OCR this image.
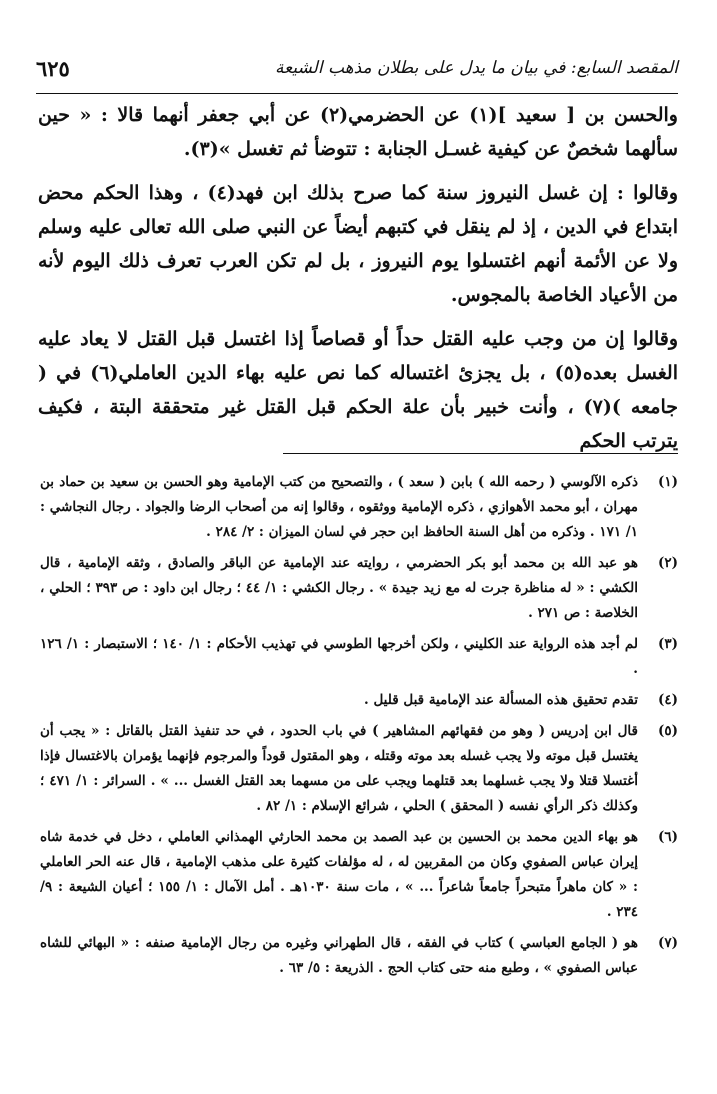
المقصد السابع: في بيان ما يدل على بطلان مذهب الشيعة
٦٢٥

والحسن بن [ سعيد ](١) عن الحضرمي(٢) عن أبي جعفر أنهما قالا : « حين سألهما شخصٌ عن كيفية غسـل الجنابة : تتوضأ ثم تغسل »(٣).

وقالوا : إن غسل النيروز سنة كما صرح بذلك ابن فهد(٤) ، وهذا الحكم محض ابتداع في الدين ، إذ لم ينقل في كتبهم أيضاً عن النبي صلى الله تعالى عليه وسلم ولا عن الأئمة أنهم اغتسلوا يوم النيروز ، بل لم تكن العرب تعرف ذلك اليوم لأنه من الأعياد الخاصة بالمجوس.

وقالوا إن من وجب عليه القتل حداً أو قصاصاً إذا اغتسل قبل القتل لا يعاد عليه الغسل بعده(٥) ، بل يجزئ اغتساله كما نص عليه بهاء الدين العاملي(٦) في ( جامعه )(٧) ، وأنت خبير بأن علة الحكم قبل القتل غير متحققة البتة ، فكيف يترتب الحكم

(١)
ذكره الآلوسي ( رحمه الله ) بابن ( سعد ) ، والتصحيح من كتب الإمامية وهو الحسن بن سعيد بن حماد بن مهران ، أبو محمد الأهوازي ، ذكره الإمامية ووثقوه ، وقالوا إنه من أصحاب الرضا والجواد . رجال النجاشي : ١/ ١٧١ . وذكره من أهل السنة الحافظ ابن حجر في لسان الميزان : ٢/ ٢٨٤ .
(٢)
هو عبد الله بن محمد أبو بكر الحضرمي ، روايته عند الإمامية عن الباقر والصادق ، وثقه الإمامية ، قال الكشي : « له مناظرة جرت له مع زيد جيدة » . رجال الكشي : ١/ ٤٤ ؛ رجال ابن داود : ص ٣٩٣ ؛ الحلي ، الخلاصة : ص ٢٧١ .
(٣)
لم أجد هذه الرواية عند الكليني ، ولكن أخرجها الطوسي في تهذيب الأحكام : ١/ ١٤٠ ؛ الاستبصار : ١/ ١٢٦ .
(٤)
تقدم تحقيق هذه المسألة عند الإمامية قبل قليل .
(٥)
قال ابن إدريس ( وهو من فقهائهم المشاهير ) في باب الحدود ، في حد تنفيذ القتل بالقاتل : « يجب أن يغتسل قبل موته ولا يجب غسله بعد موته وقتله ، وهو المقتول قوداً والمرجوم فإنهما يؤمران بالاغتسال فإذا أغتسلا قتلا ولا يجب غسلهما بعد قتلهما ويجب على من مسهما بعد القتل الغسل ... » . السرائر : ١/ ٤٧١ ؛ وكذلك ذكر الرأي نفسه ( المحقق ) الحلي ، شرائع الإسلام : ١/ ٨٢ .
(٦)
هو بهاء الدين محمد بن الحسين بن عبد الصمد بن محمد الحارثي الهمذاني العاملي ، دخل في خدمة شاه إيران عباس الصفوي وكان من المقربين له ، له مؤلفات كثيرة على مذهب الإمامية ، قال عنه الحر العاملي : « كان ماهراً متبحراً جامعاً شاعراً ... » ، مات سنة ١٠٣٠هـ . أمل الآمال : ١/ ١٥٥ ؛ أعيان الشيعة : ٩/ ٢٣٤ .
(٧)
هو ( الجامع العباسي ) كتاب في الفقه ، قال الطهراني وغيره من رجال الإمامية صنفه : « البهائي للشاه عباس الصفوي » ، وطبع منه حتى كتاب الحج . الذريعة : ٥/ ٦٣ .
